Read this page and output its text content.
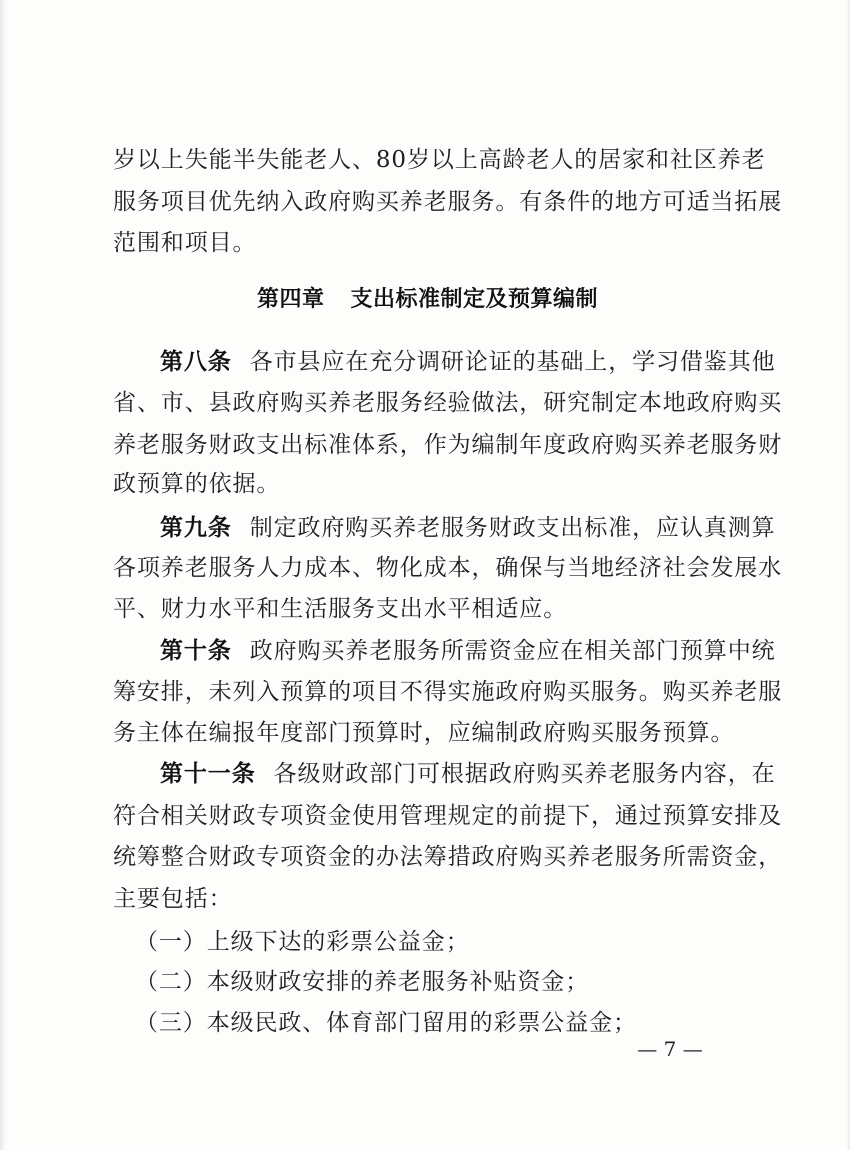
岁以上失能半失能老人、80岁以上高龄老人的居家和社区养老
服务项目优先纳入政府购买养老服务。有条件的地方可适当拓展
范围和项目。
第四章 支出标准制定及预算编制
第八条 各市县应在充分调研论证的基础上，学习借鉴其他
省、市、县政府购买养老服务经验做法，研究制定本地政府购买
养老服务财政支出标准体系，作为编制年度政府购买养老服务财
政预算的依据。
第九条 制定政府购买养老服务财政支出标准，应认真测算
各项养老服务人力成本、物化成本，确保与当地经济社会发展水
平、财力水平和生活服务支出水平相适应。
第十条 政府购买养老服务所需资金应在相关部门预算中统
筹安排，未列入预算的项目不得实施政府购买服务。购买养老服
务主体在编报年度部门预算时，应编制政府购买服务预算。
第十一条 各级财政部门可根据政府购买养老服务内容，在
符合相关财政专项资金使用管理规定的前提下，通过预算安排及
统筹整合财政专项资金的办法筹措政府购买养老服务所需资金，
主要包括：
（一）上级下达的彩票公益金；
（二）本级财政安排的养老服务补贴资金；
（三）本级民政、体育部门留用的彩票公益金；
— 7 —
